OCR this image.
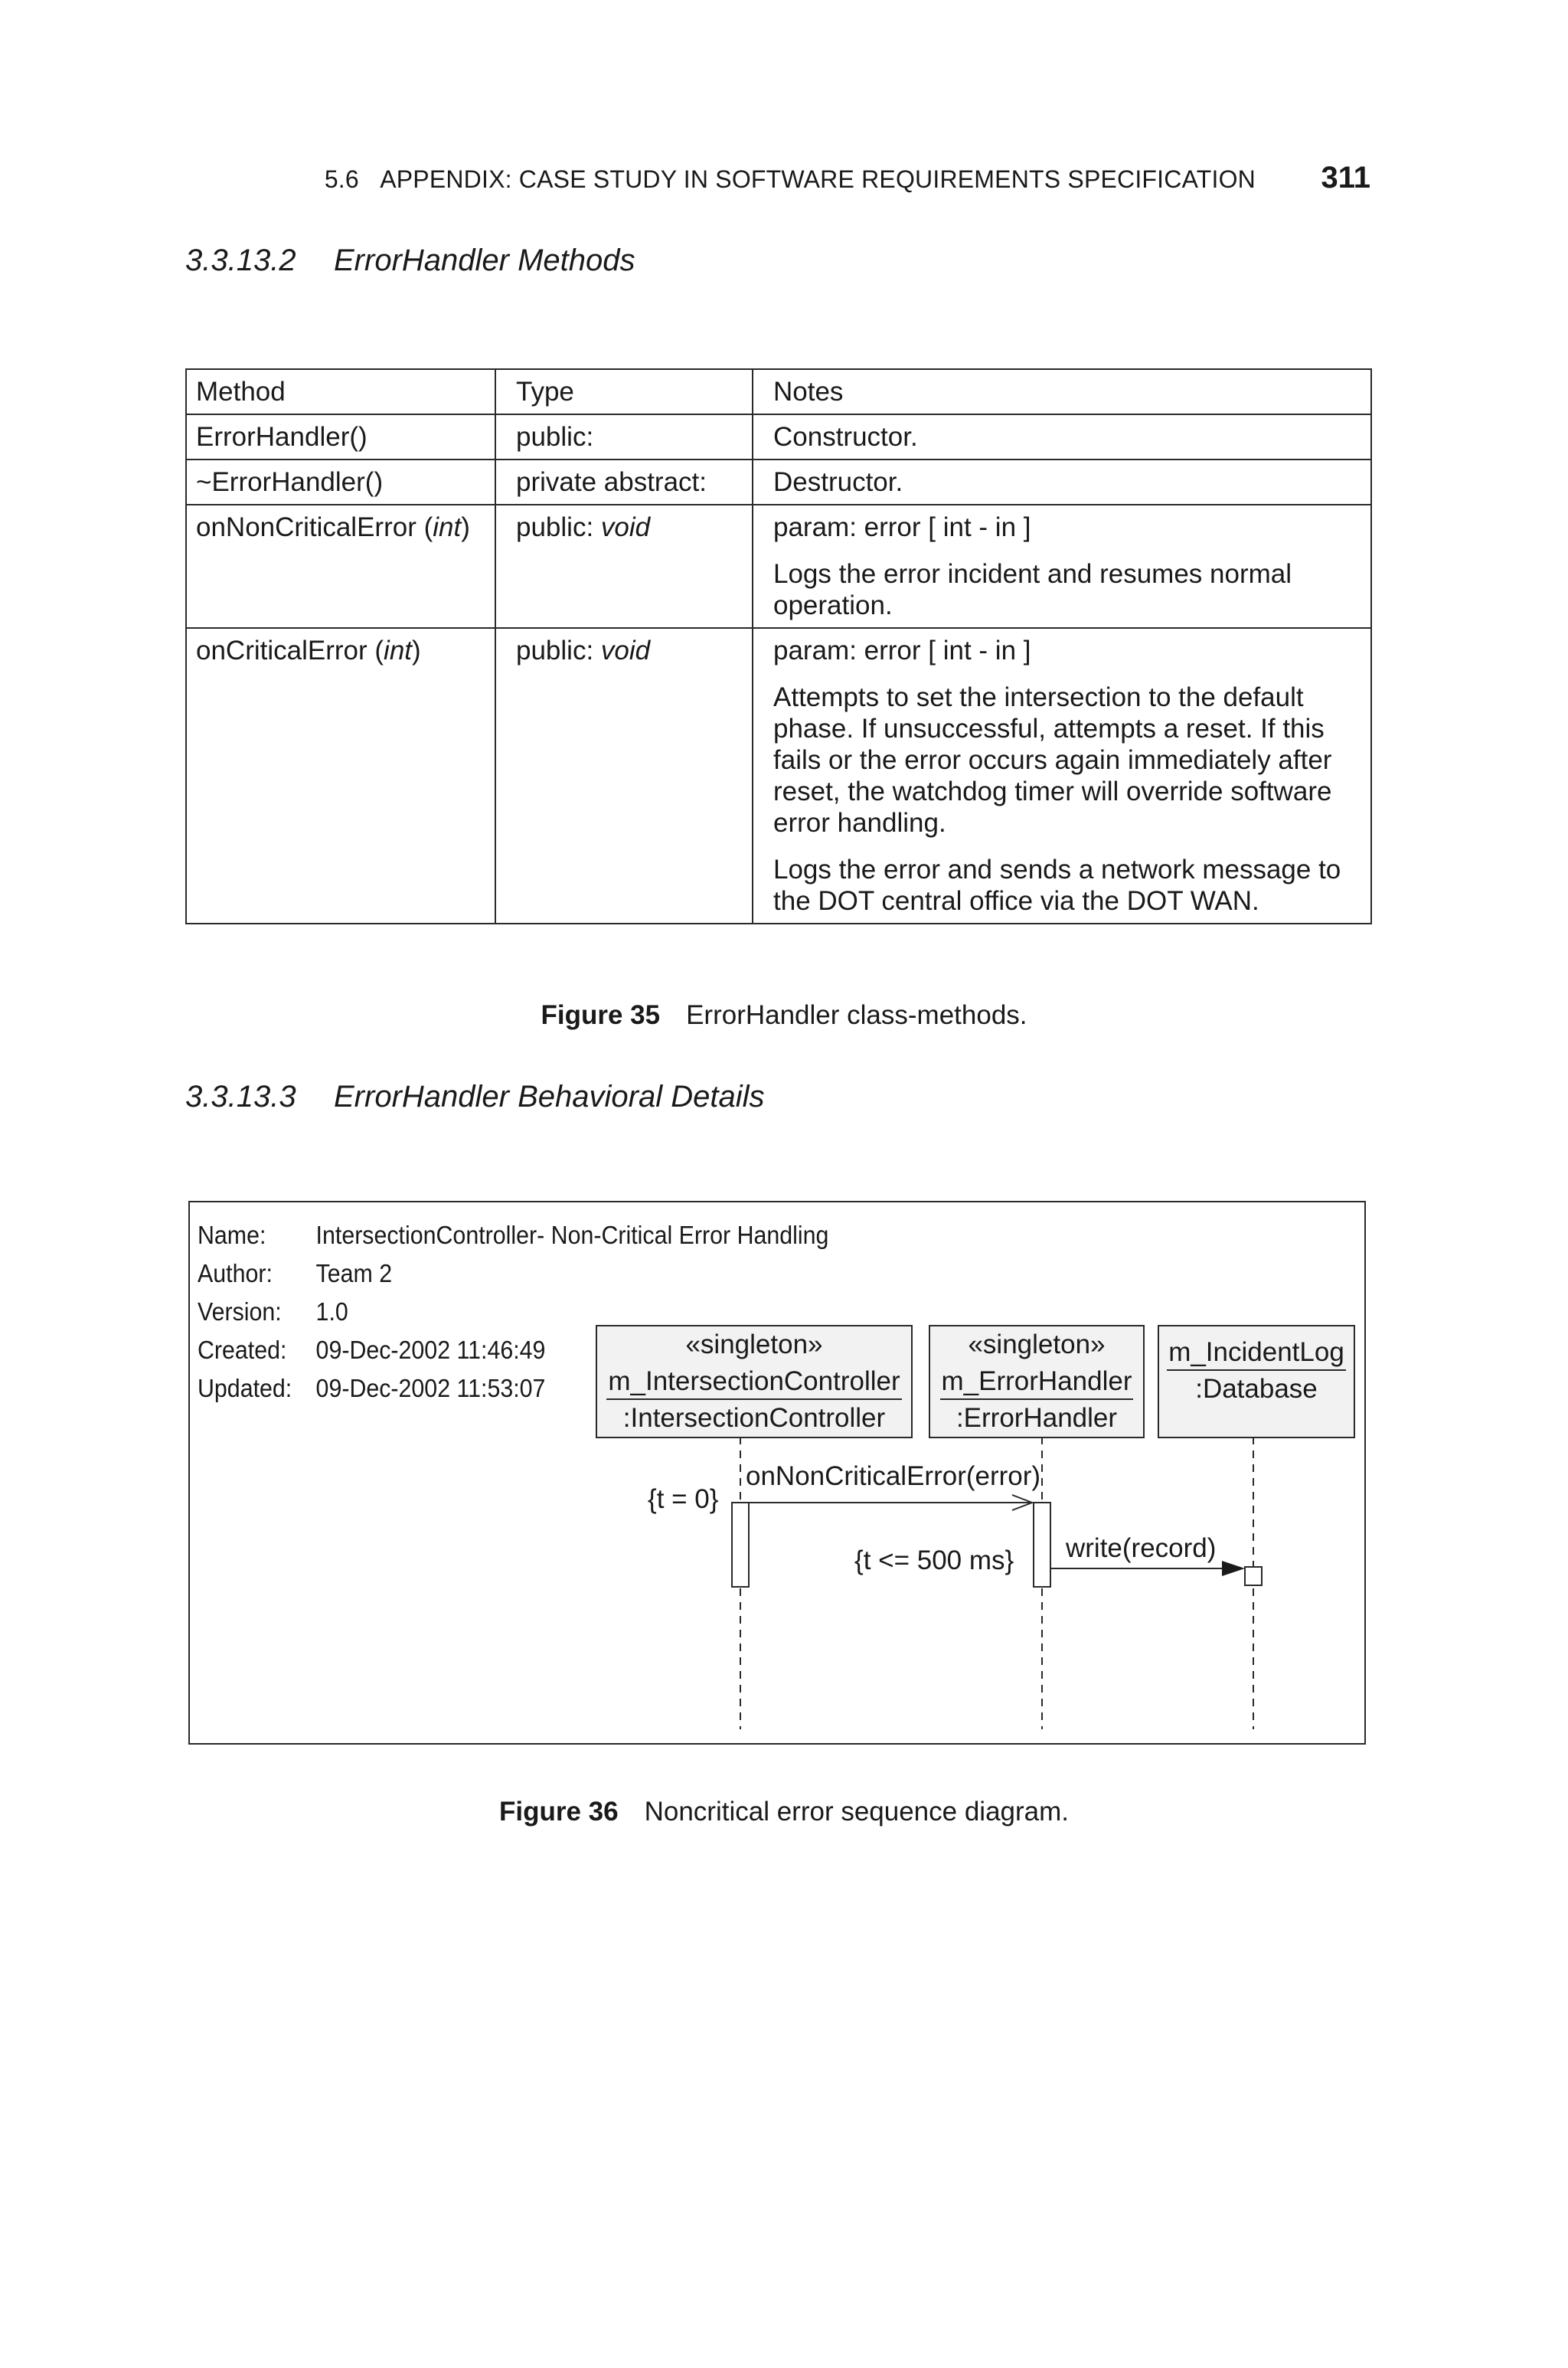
5.6 APPENDIX: CASE STUDY IN SOFTWARE REQUIREMENTS SPECIFICATION 311
3.3.13.2 ErrorHandler Methods
Method	Type	Notes
ErrorHandler()	public:	Constructor.

~ErrorHandler()	private abstract:	Destructor.

onNonCriticalError (int)	public: void	param: error [ int - in ]

Logs the error incident and resumes normal operation.

onCriticalError (int)	public: void	param: error [ int - in ]

Attempts to set the intersection to the default phase. If unsuccessful, attempts a reset. If this fails or the error occurs again immediately after reset, the watchdog timer will override software error handling.

Logs the error and sends a network message to the DOT central office via the DOT WAN.

Figure 35 ErrorHandler class-methods.
3.3.13.3 ErrorHandler Behavioral Details
Name: IntersectionController- Non-Critical Error Handling
Author: Team 2
Version: 1.0
Created: 09-Dec-2002 11:46:49
Updated: 09-Dec-2002 11:53:07
«singleton»
m_IntersectionController
:IntersectionController
«singleton»
m_ErrorHandler
:ErrorHandler
m_IncidentLog
:Database
onNonCriticalError(error)
{t = 0}
write(record)
{t <= 500 ms}
Figure 36 Noncritical error sequence diagram.
